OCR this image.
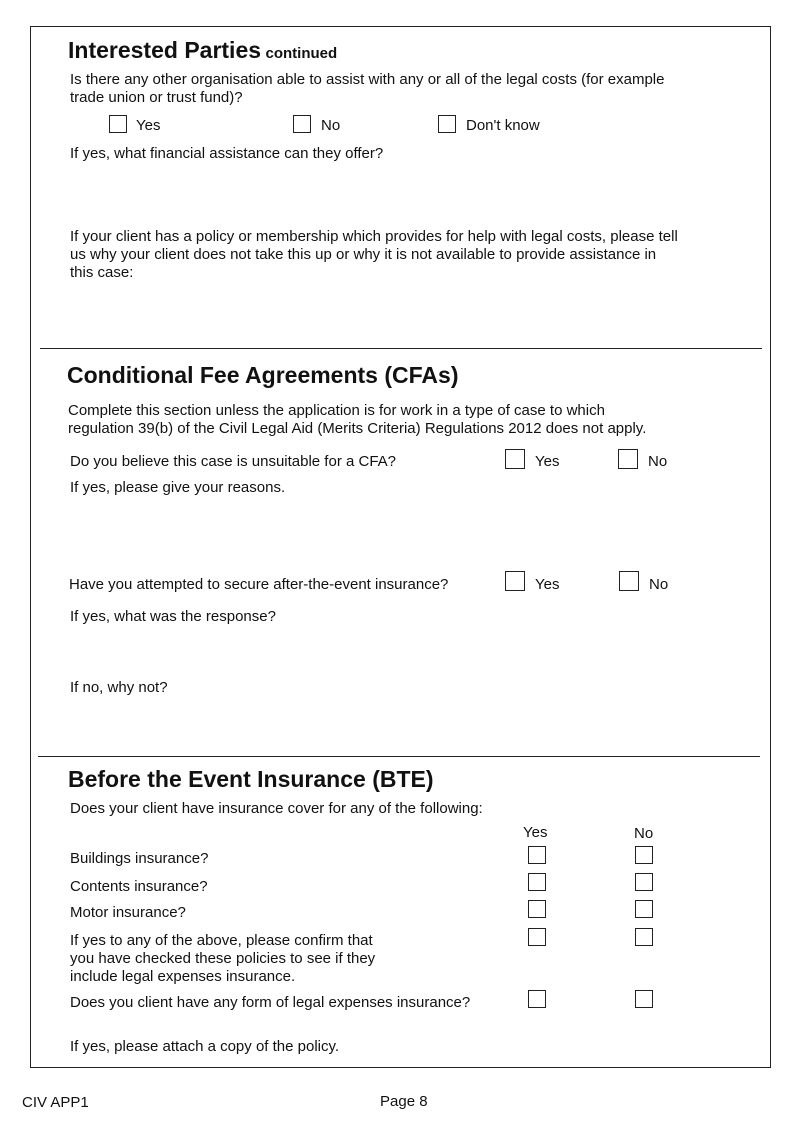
Interested Parties continued
Is there any other organisation able to assist with any or all of the legal costs (for example
trade union or trust fund)?
Yes	No	Don't know
If yes, what financial assistance can they offer?
If your client has a policy or membership which provides for help with legal costs, please tell
us why your client does not take this up or why it is not available to provide assistance in
this case:
Conditional Fee Agreements (CFAs)
Complete this section unless the application is for work in a type of case to which
regulation 39(b) of the Civil Legal Aid (Merits Criteria) Regulations 2012 does not apply.
Do you believe this case is unsuitable for a CFA?	Yes	No
If yes, please give your reasons.
Have you attempted to secure after-the-event insurance?	Yes	No
If yes, what was the response?
If no, why not?
Before the Event Insurance (BTE)
Does your client have insurance cover for any of the following:
Yes	No
Buildings insurance?
Contents insurance?
Motor insurance?
If yes to any of the above, please confirm that
you have checked these policies to see if they
include legal expenses insurance.
Does you client have any form of legal expenses insurance?
If yes, please attach a copy of the policy.
CIV APP1	Page 8
